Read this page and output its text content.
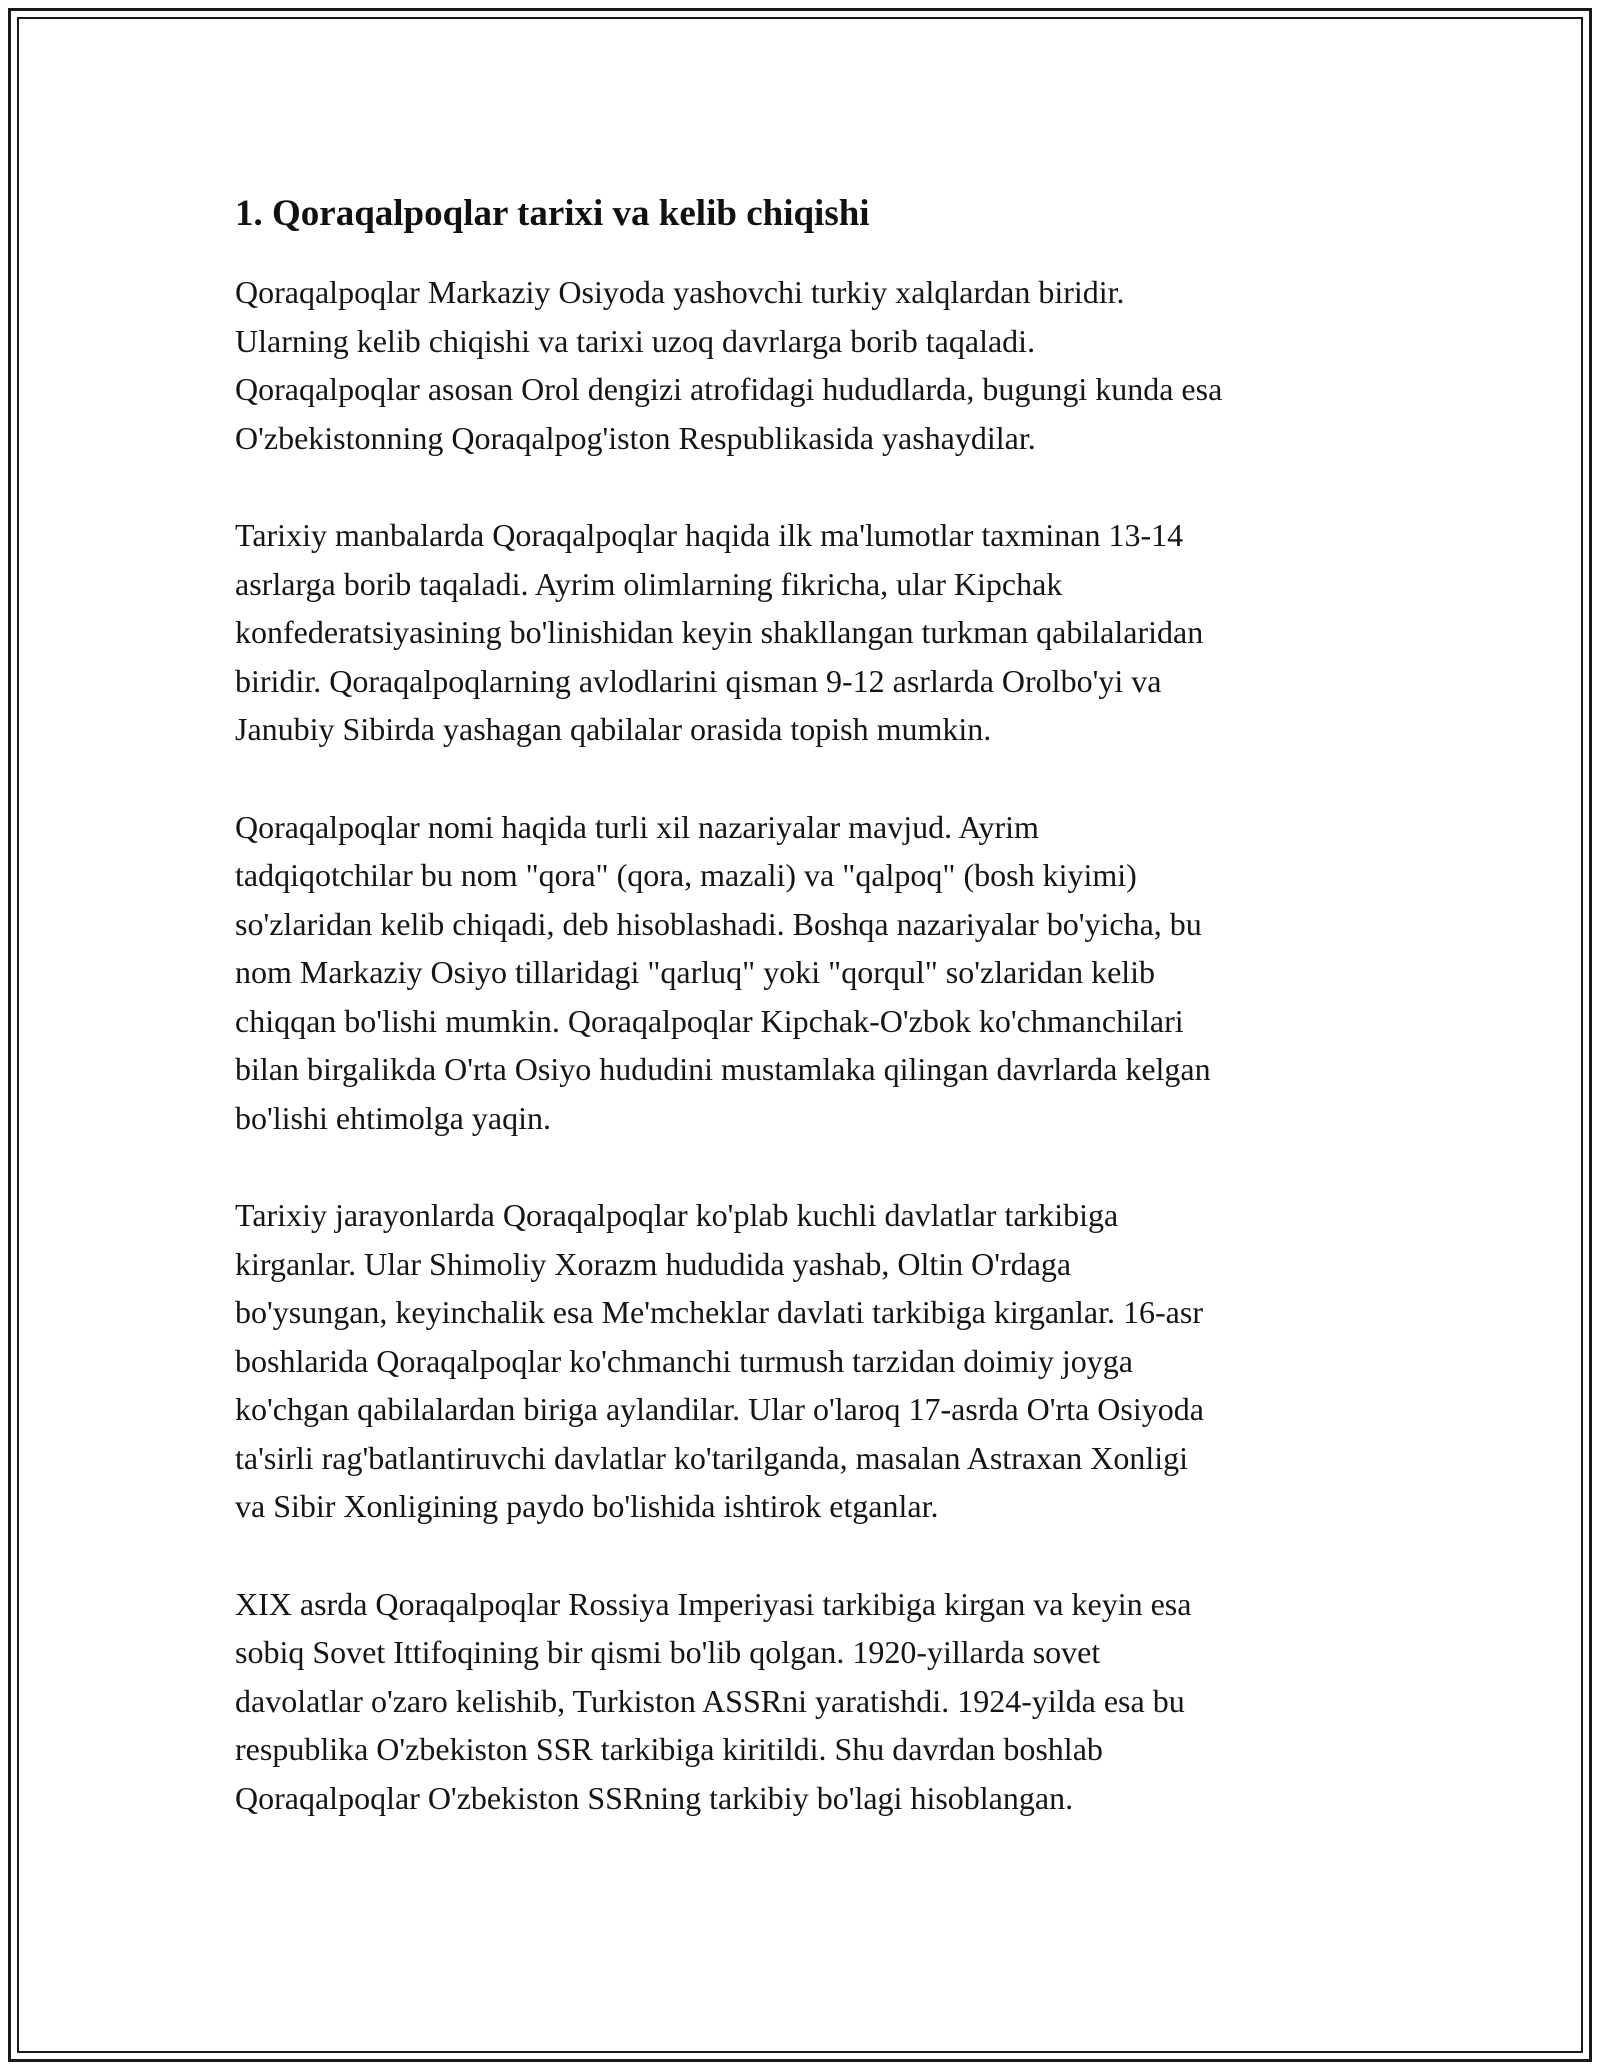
1. Qoraqalpoqlar tarixi va kelib chiqishi

Qoraqalpoqlar Markaziy Osiyoda yashovchi turkiy xalqlardan biridir.
Ularning kelib chiqishi va tarixi uzoq davrlarga borib taqaladi.
Qoraqalpoqlar asosan Orol dengizi atrofidagi hududlarda, bugungi kunda esa
O'zbekistonning Qoraqalpog'iston Respublikasida yashaydilar.

Tarixiy manbalarda Qoraqalpoqlar haqida ilk ma'lumotlar taxminan 13-14
asrlarga borib taqaladi. Ayrim olimlarning fikricha, ular Kipchak
konfederatsiyasining bo'linishidan keyin shakllangan turkman qabilalaridan
biridir. Qoraqalpoqlarning avlodlarini qisman 9-12 asrlarda Orolbo'yi va
Janubiy Sibirda yashagan qabilalar orasida topish mumkin.

Qoraqalpoqlar nomi haqida turli xil nazariyalar mavjud. Ayrim
tadqiqotchilar bu nom "qora" (qora, mazali) va "qalpoq" (bosh kiyimi)
so'zlaridan kelib chiqadi, deb hisoblashadi. Boshqa nazariyalar bo'yicha, bu
nom Markaziy Osiyo tillaridagi "qarluq" yoki "qorqul" so'zlaridan kelib
chiqqan bo'lishi mumkin. Qoraqalpoqlar Kipchak-O'zbok ko'chmanchilari
bilan birgalikda O'rta Osiyo hududini mustamlaka qilingan davrlarda kelgan
bo'lishi ehtimolga yaqin.

Tarixiy jarayonlarda Qoraqalpoqlar ko'plab kuchli davlatlar tarkibiga
kirganlar. Ular Shimoliy Xorazm hududida yashab, Oltin O'rdaga
bo'ysungan, keyinchalik esa Me'mcheklar davlati tarkibiga kirganlar. 16-asr
boshlarida Qoraqalpoqlar ko'chmanchi turmush tarzidan doimiy joyga
ko'chgan qabilalardan biriga aylandilar. Ular o'laroq 17-asrda O'rta Osiyoda
ta'sirli rag'batlantiruvchi davlatlar ko'tarilganda, masalan Astraxan Xonligi
va Sibir Xonligining paydo bo'lishida ishtirok etganlar.

XIX asrda Qoraqalpoqlar Rossiya Imperiyasi tarkibiga kirgan va keyin esa
sobiq Sovet Ittifoqining bir qismi bo'lib qolgan. 1920-yillarda sovet
davolatlar o'zaro kelishib, Turkiston ASSRni yaratishdi. 1924-yilda esa bu
respublika O'zbekiston SSR tarkibiga kiritildi. Shu davrdan boshlab
Qoraqalpoqlar O'zbekiston SSRning tarkibiy bo'lagi hisoblangan.
